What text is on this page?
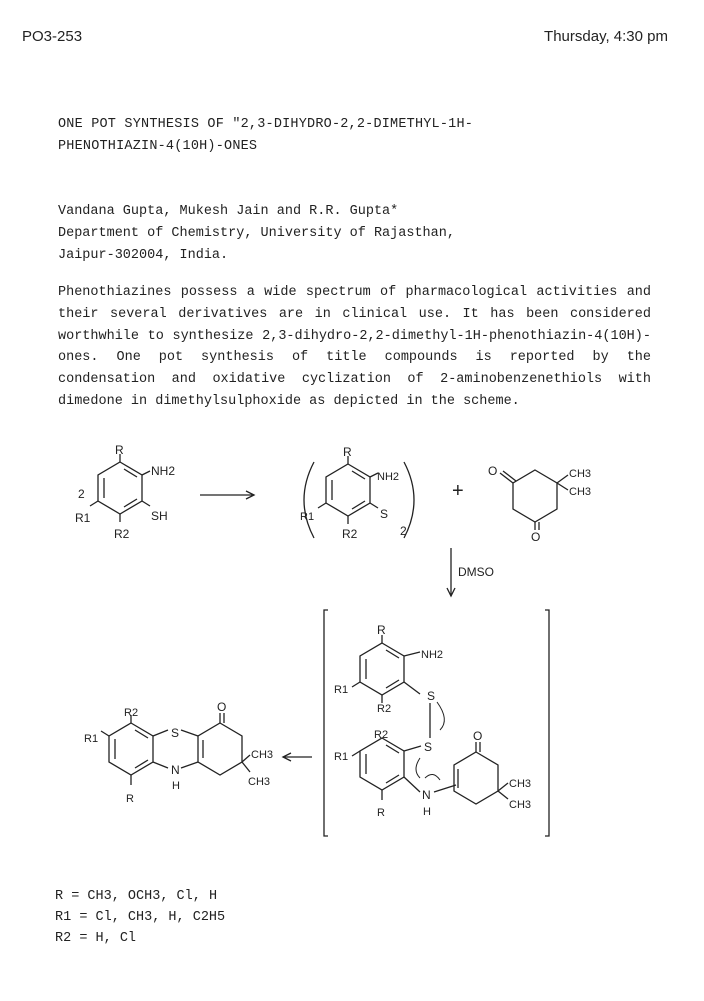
PO3-253	Thursday, 4:30 pm
ONE POT SYNTHESIS OF "2,3-DIHYDRO-2,2-DIMETHYL-1H-
PHENOTHIAZIN-4(10H)-ONES
Vandana Gupta, Mukesh Jain and R.R. Gupta*
Department of Chemistry, University of Rajasthan,
Jaipur-302004, India.

Phenothiazines possess a wide spectrum of pharmacological activities and their several derivatives are in clinical use. It has been considered worthwhile to synthesize 2,3-dihydro-2,2-dimethyl-1H-phenothiazin-4(10H)-ones. One pot synthesis of title compounds is reported by the condensation and oxidative cyclization of 2-aminobenzenethiols with dimedone in dimethylsulphoxide as depicted in the scheme.

R
NH2
SH
R1
R2
2
R
NH2
S
R1
R2	2
+
O
O
CH3
CH3
DMSO
R
NH2
S
R1
R2
R2
S
R1
R
N
H
O
CH3
CH3
S
N
H
O
R2
R1
R
CH3
CH3
R = CH3, OCH3, Cl, H
R1 = Cl, CH3, H, C2H5
R2 = H, Cl
